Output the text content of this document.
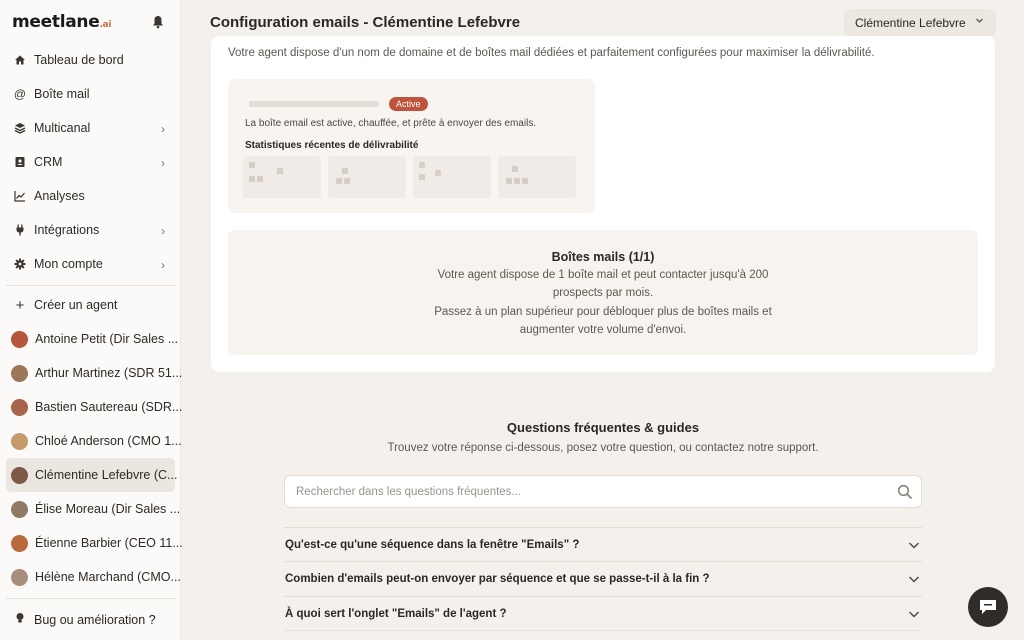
meetlane.ai
Tableau de bord
@ Boîte mail
Multicanal	›
CRM	›
Analyses
Intégrations	›
Mon compte	›
+ Créer un agent
Antoine Petit (Dir Sales ...
Arthur Martinez (SDR 51...
Bastien Sautereau (SDR...
Chloé Anderson (CMO 1...
Clémentine Lefebvre (C...
Élise Moreau (Dir Sales ...
Étienne Barbier (CEO 11...
Hélène Marchand (CMO...
Bug ou amélioration ?
Configuration emails - Clémentine Lefebvre	Clémentine Lefebvre
Votre agent dispose d'un nom de domaine et de boîtes mail dédiées et parfaitement configurées pour maximiser la délivrabilité.
Active
La boîte email est active, chauffée, et prête à envoyer des emails.
Statistiques récentes de délivrabilité
Boîtes mails (1/1)
Votre agent dispose de 1 boîte mail et peut contacter jusqu'à 200
prospects par mois.
Passez à un plan supérieur pour débloquer plus de boîtes mails et
augmenter votre volume d'envoi.
Questions fréquentes & guides
Trouvez votre réponse ci-dessous, posez votre question, ou contactez notre support.
Rechercher dans les questions fréquentes...
Qu'est-ce qu'une séquence dans la fenêtre "Emails" ?
Combien d'emails peut-on envoyer par séquence et que se passe-t-il à la fin ?
À quoi sert l'onglet "Emails" de l'agent ?
